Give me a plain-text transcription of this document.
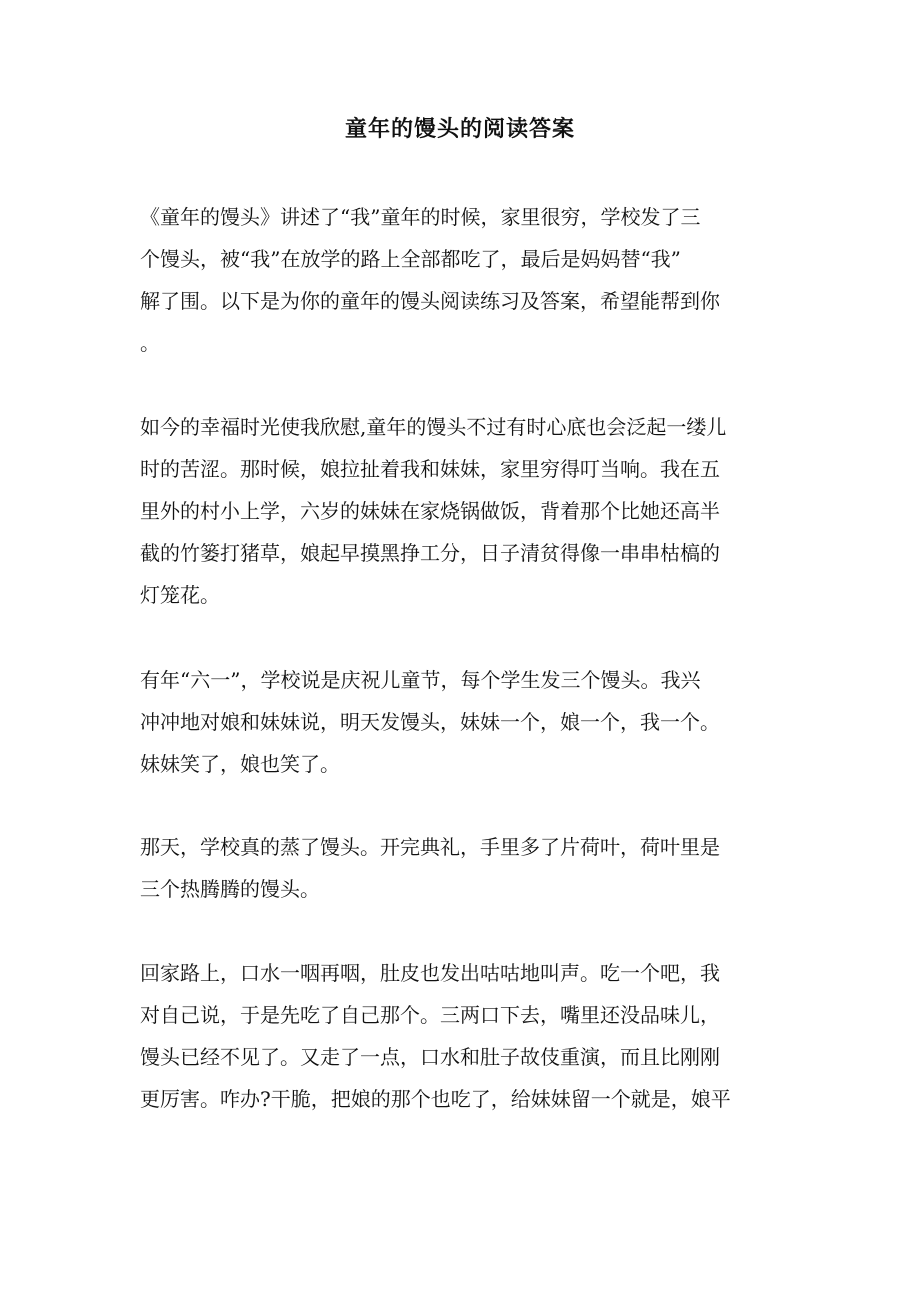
童年的馒头的阅读答案
《童年的馒头》讲述了“我”童年的时候，家里很穷，学校发了三
个馒头，被“我”在放学的路上全部都吃了，最后是妈妈替“我”
解了围。以下是为你的童年的馒头阅读练习及答案，希望能帮到你
。
如今的幸福时光使我欣慰,童年的馒头不过有时心底也会泛起一缕儿
时的苦涩。那时候，娘拉扯着我和妹妹，家里穷得叮当响。我在五
里外的村小上学，六岁的妹妹在家烧锅做饭，背着那个比她还高半
截的竹篓打猪草，娘起早摸黑挣工分，日子清贫得像一串串枯槁的
灯笼花。
有年“六一”，学校说是庆祝儿童节，每个学生发三个馒头。我兴
冲冲地对娘和妹妹说，明天发馒头，妹妹一个，娘一个，我一个。
妹妹笑了，娘也笑了。
那天，学校真的蒸了馒头。开完典礼，手里多了片荷叶，荷叶里是
三个热腾腾的馒头。
回家路上，口水一咽再咽，肚皮也发出咕咕地叫声。吃一个吧，我
对自己说，于是先吃了自己那个。三两口下去，嘴里还没品味儿，
馒头已经不见了。又走了一点，口水和肚子故伎重演，而且比刚刚
更厉害。咋办?干脆，把娘的那个也吃了，给妹妹留一个就是，娘平
